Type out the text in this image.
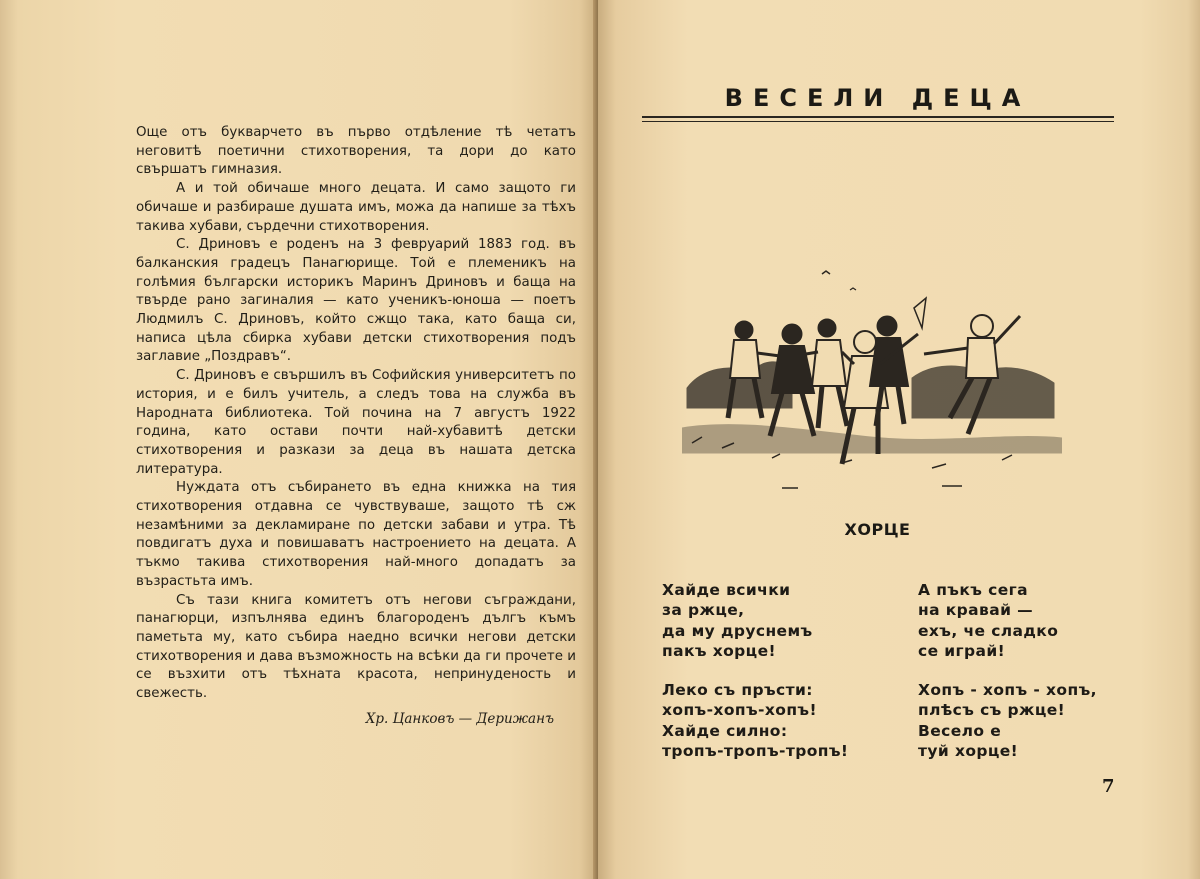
Още отъ букварчето въ първо отдѣление тѣ четатъ неговитѣ поетични стихотворения, та дори до като свършатъ гимназия.

А и той обичаше много децата. И само защото ги обичаше и разбираше душата имъ, можа да напише за тѣхъ такива хубави, сърдечни стихотворения.

С. Дриновъ е роденъ на 3 февруарий 1883 год. въ балканския градецъ Панагюрище. Той е племеникъ на голѣмия български историкъ Маринъ Дриновъ и баща на твърде рано загиналия — като ученикъ-юноша — поетъ Людмилъ С. Дриновъ, който сжщо така, като баща си, написа цѣла сбирка хубави детски стихотворения подъ заглавие „Поздравъ“.

С. Дриновъ е свършилъ въ Софийския университетъ по история, и е билъ учитель, а следъ това на служба въ Народната библиотека. Той почина на 7 августъ 1922 година, като остави почти най-хубавитѣ детски стихотворения и разкази за деца въ нашата детска литература.

Нуждата отъ събирането въ една книжка на тия стихотворения отдавна се чувствуваше, защото тѣ сж незамѣними за декламиране по детски забави и утра. Тѣ повдигатъ духа и повишаватъ настроението на децата. А тъкмо такива стихотворения най-много допадатъ за възрастьта имъ.

Съ тази книга комитетъ отъ негови съграждани, панагюрци, изпълнява единъ благороденъ дългъ къмъ паметьта му, като събира наедно всички негови детски стихотворения и дава възможность на всѣки да ги прочете и се възхити отъ тѣхната красота, непринуденость и свежесть.

Хр. Цанковъ — Дерижанъ
ВЕСЕЛИ ДЕЦА
ХОРЦЕ
Хайде всички
за ржце,
да му друснемъ
пакъ хорце!
Леко съ пръсти:
хопъ-хопъ-хопъ!
Хайде силно:
тропъ-тропъ-тропъ!
А пъкъ сега
на кравай —
ехъ, че сладко
се играй!
Хопъ - хопъ - хопъ,
плѣсъ съ ржце!
Весело е
туй хорце!
7
